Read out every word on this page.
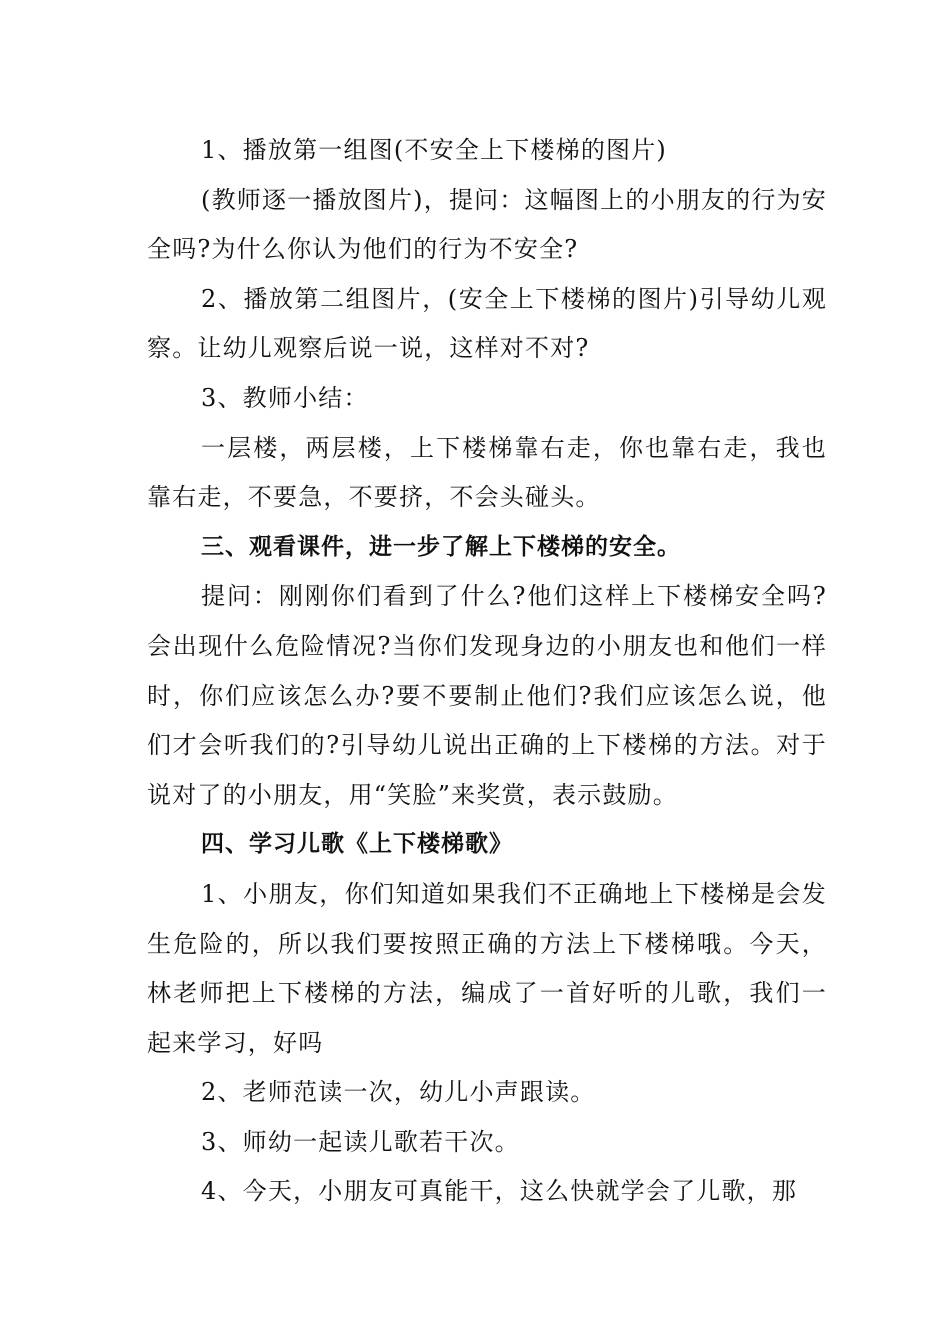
1、播放第一组图(不安全上下楼梯的图片)

(教师逐一播放图片)，提问：这幅图上的小朋友的行为安全吗?为什么你认为他们的行为不安全?

2、播放第二组图片，(安全上下楼梯的图片)引导幼儿观察。让幼儿观察后说一说，这样对不对?

3、教师小结：

一层楼，两层楼，上下楼梯靠右走，你也靠右走，我也靠右走，不要急，不要挤，不会头碰头。

三、观看课件，进一步了解上下楼梯的安全。

提问：刚刚你们看到了什么?他们这样上下楼梯安全吗?会出现什么危险情况?当你们发现身边的小朋友也和他们一样时，你们应该怎么办?要不要制止他们?我们应该怎么说，他们才会听我们的?引导幼儿说出正确的上下楼梯的方法。对于说对了的小朋友，用“笑脸”来奖赏，表示鼓励。

四、学习儿歌《上下楼梯歌》

1、小朋友，你们知道如果我们不正确地上下楼梯是会发生危险的，所以我们要按照正确的方法上下楼梯哦。今天，林老师把上下楼梯的方法，编成了一首好听的儿歌，我们一起来学习，好吗

2、老师范读一次，幼儿小声跟读。

3、师幼一起读儿歌若干次。

4、今天，小朋友可真能干，这么快就学会了儿歌，那
